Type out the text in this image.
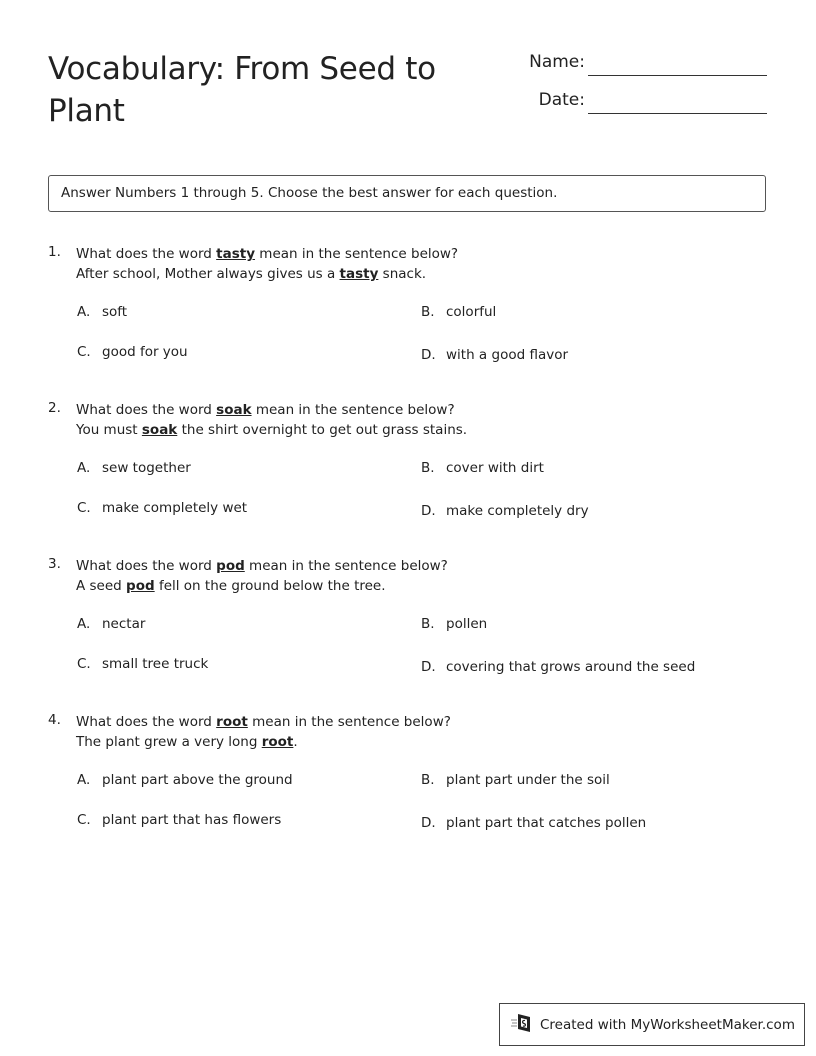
Vocabulary: From Seed to
Plant
Name:
Date:
Answer Numbers 1 through 5. Choose the best answer for each question.
1. What does the word tasty mean in the sentence below?
After school, Mother always gives us a tasty snack.
A. soft	B. colorful
C. good for you	D. with a good flavor
2. What does the word soak mean in the sentence below?
You must soak the shirt overnight to get out grass stains.
A. sew together	B. cover with dirt
C. make completely wet	D. make completely dry
3. What does the word pod mean in the sentence below?
A seed pod fell on the ground below the tree.
A. nectar	B. pollen
C. small tree truck	D. covering that grows around the seed
4. What does the word root mean in the sentence below?
The plant grew a very long root.
A. plant part above the ground	B. plant part under the soil
C. plant part that has flowers	D. plant part that catches pollen
Created with MyWorksheetMaker.com
